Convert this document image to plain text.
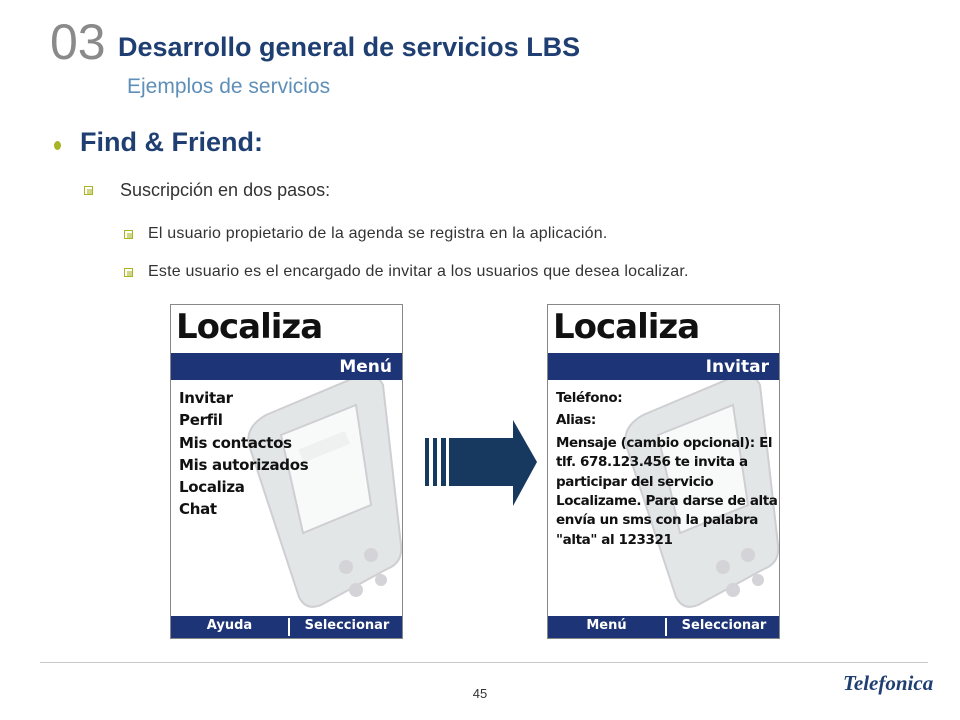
03 Desarrollo general de servicios LBS
Ejemplos de servicios
Find & Friend:
Suscripción en dos pasos:
El usuario propietario de la agenda se registra en la aplicación.
Este usuario es el encargado de invitar a los usuarios que desea localizar.
Localiza
Menú
Invitar
Perfil
Mis contactos
Mis autorizados
Localiza
Chat
Ayuda	Seleccionar
Localiza
Invitar
Teléfono:
Alias:
Mensaje (cambio opcional): El tlf. 678.123.456 te invita a participar del servicio Localizame. Para darse de alta envía un sms con la palabra "alta" al 123321
Menú	Seleccionar
45	Telefonica
